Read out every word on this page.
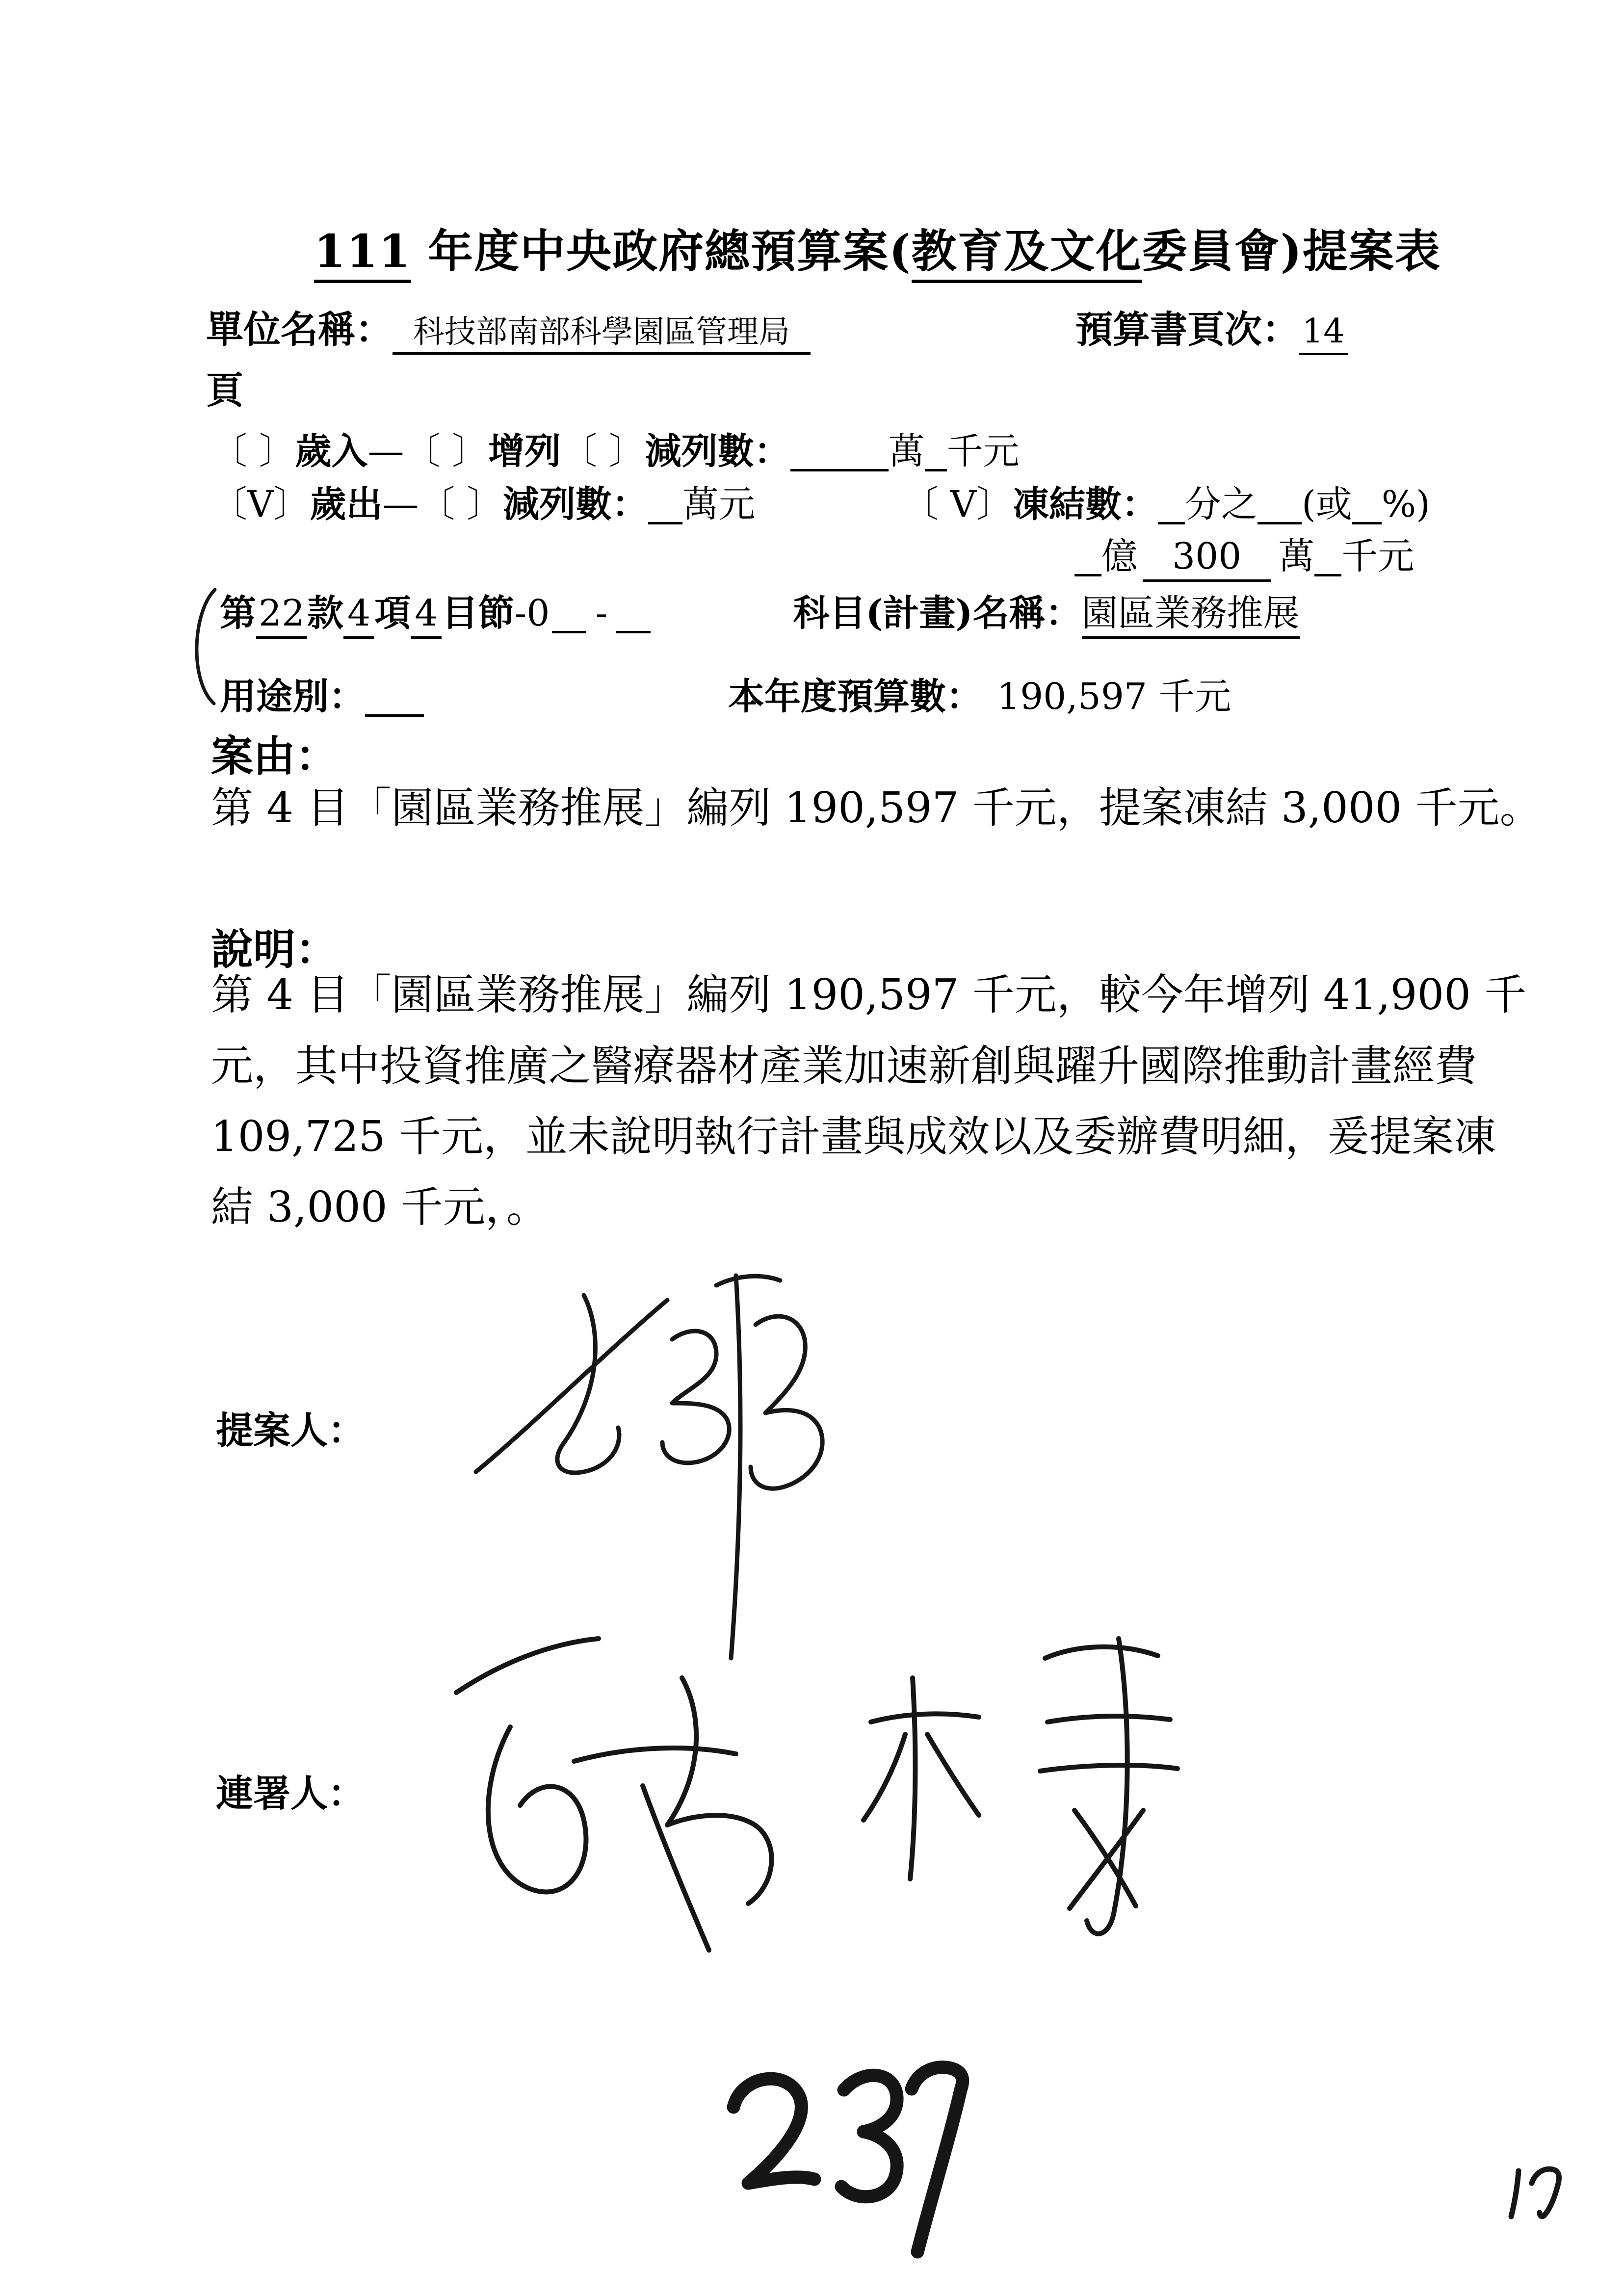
111 年度中央政府總預算案(教育及文化委員會)提案表
單位名稱： 科技部南部科學園區管理局	預算書頁次：14
頁
〔 〕歲入—〔 〕增列〔 〕減列數：	萬 千元
〔V〕歲出—〔 〕減列數： 萬元	〔 V〕凍結數： 分之 (或 %)
億 300 萬 千元
第22款 4 項 4 目節-0 -	科目(計畫)名稱：園區業務推展
用途別：	本年度預算數： 190,597 千元
案由：
第 4 目「園區業務推展」編列 190,597 千元，提案凍結 3,000 千元。
說明：
第 4 目「園區業務推展」編列 190,597 千元，較今年增列 41,900 千
元，其中投資推廣之醫療器材產業加速新創與躍升國際推動計畫經費
109,725 千元，並未說明執行計畫與成效以及委辦費明細，爰提案凍
結 3,000 千元，。
提案人：
連署人：
